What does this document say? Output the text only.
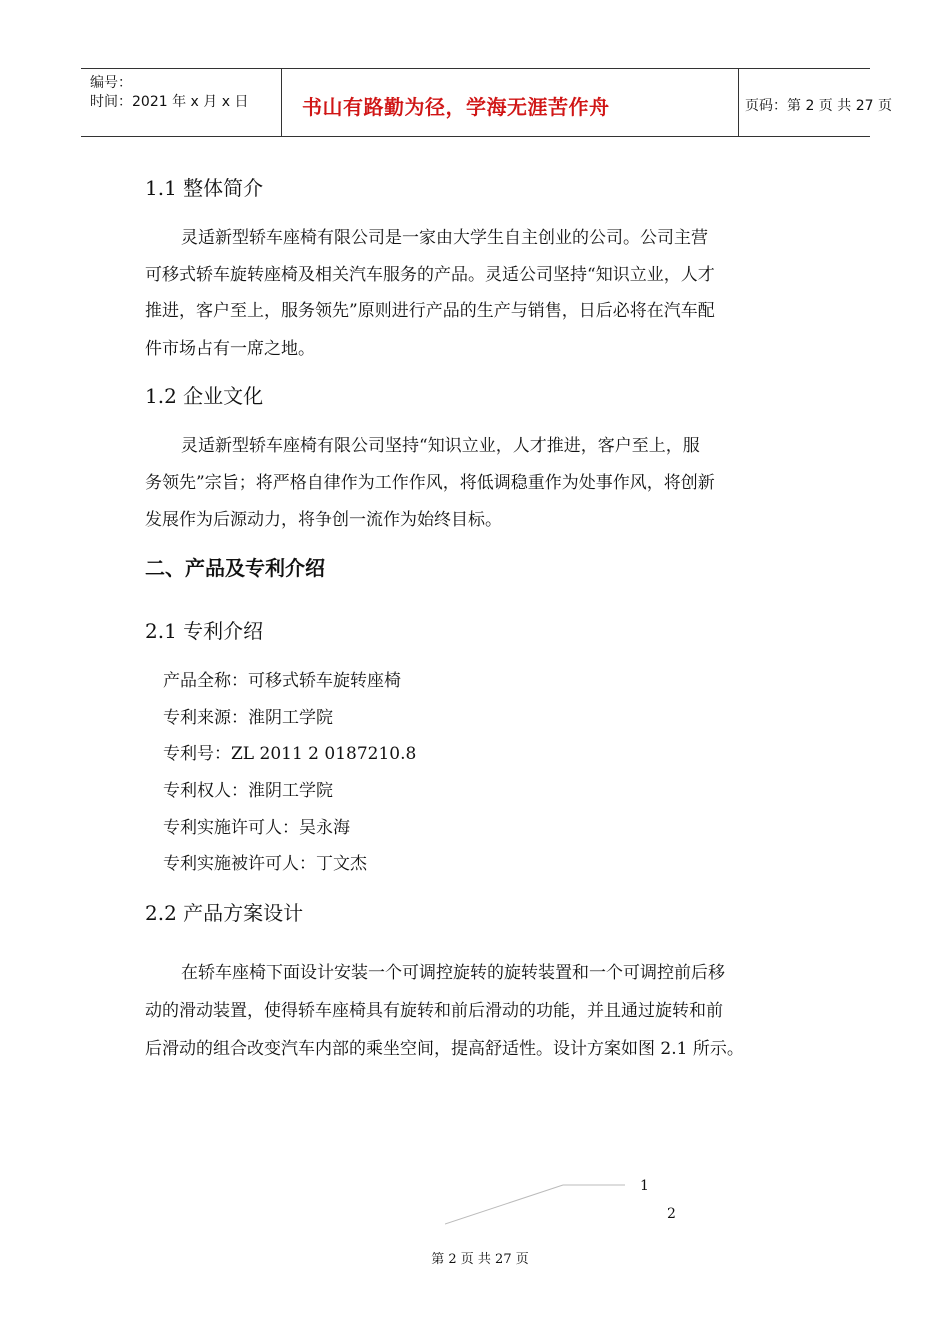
编号：
时间：2021 年 x 月 x 日	书山有路勤为径，学海无涯苦作舟	页码：第 2 页 共 27 页
1.1 整体简介
灵适新型轿车座椅有限公司是一家由大学生自主创业的公司。公司主营
可移式轿车旋转座椅及相关汽车服务的产品。灵适公司坚持“知识立业，人才
推进，客户至上，服务领先”原则进行产品的生产与销售，日后必将在汽车配
件市场占有一席之地。
1.2 企业文化
灵适新型轿车座椅有限公司坚持“知识立业，人才推进，客户至上，服
务领先”宗旨；将严格自律作为工作作风，将低调稳重作为处事作风，将创新
发展作为后源动力，将争创一流作为始终目标。
二、产品及专利介绍
2.1 专利介绍
产品全称：可移式轿车旋转座椅
专利来源：淮阴工学院
专利号：ZL 2011 2 0187210.8
专利权人：淮阴工学院
专利实施许可人：吴永海
专利实施被许可人：丁文杰
2.2 产品方案设计
在轿车座椅下面设计安装一个可调控旋转的旋转装置和一个可调控前后移
动的滑动装置，使得轿车座椅具有旋转和前后滑动的功能，并且通过旋转和前
后滑动的组合改变汽车内部的乘坐空间，提高舒适性。设计方案如图 2.1 所示。
1
2
第 2 页 共 27 页
